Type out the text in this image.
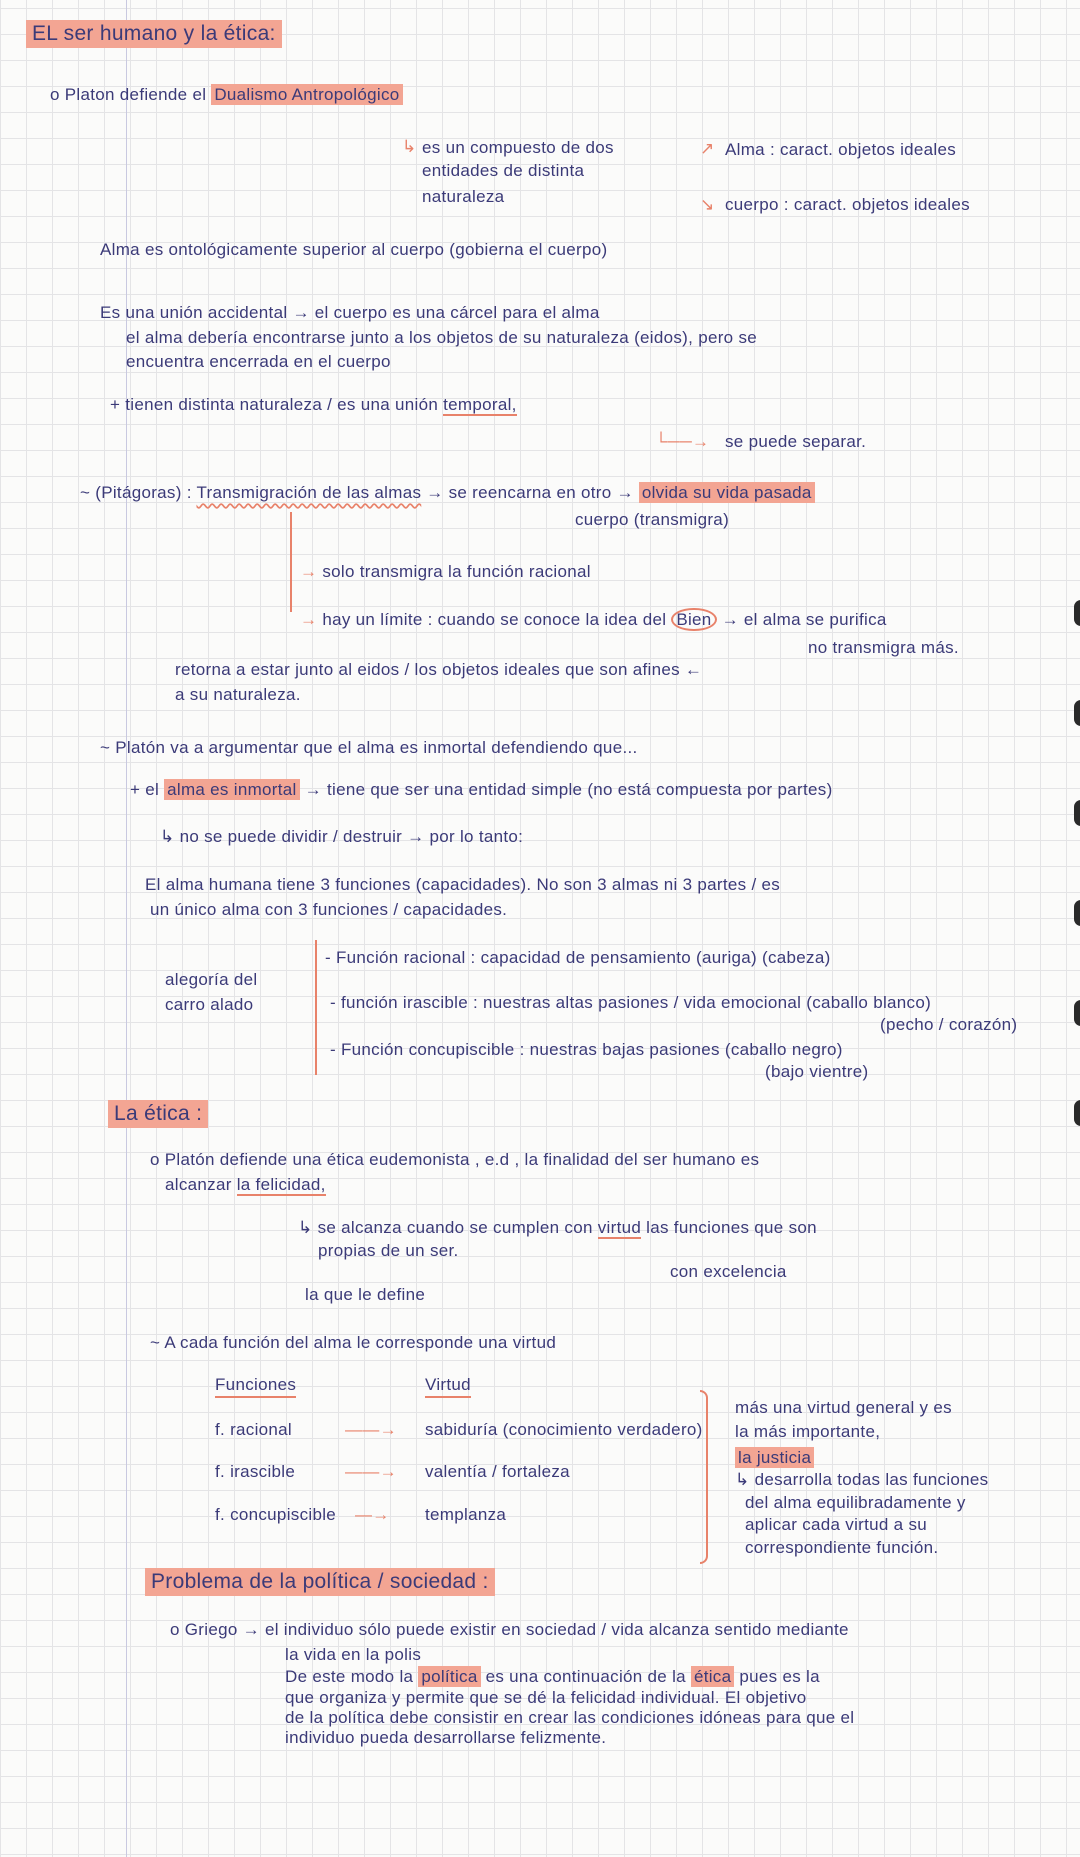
EL ser humano y la ética:
o Platon defiende el Dualismo Antropológico
↳ es un compuesto de dos
entidades de distinta
naturaleza
↗
↘
Alma : caract. objetos ideales
cuerpo : caract. objetos ideales
Alma es ontológicamente superior al cuerpo (gobierna el cuerpo)
Es una unión accidental → el cuerpo es una cárcel para el alma
el alma debería encontrarse junto a los objetos de su naturaleza (eidos), pero se
encuentra encerrada en el cuerpo
+ tienen distinta naturaleza / es una unión temporal,
└──→ se puede separar.
~ (Pitágoras) : Transmigración de las almas → se reencarna en otro → olvida su vida pasada
cuerpo (transmigra)
→ solo transmigra la función racional
→ hay un límite : cuando se conoce la idea del Bien → el alma se purifica
no transmigra más.
retorna a estar junto al eidos / los objetos ideales que son afines ←
a su naturaleza.
~ Platón va a argumentar que el alma es inmortal defendiendo que...
+ el alma es inmortal → tiene que ser una entidad simple (no está compuesta por partes)
↳ no se puede dividir / destruir → por lo tanto:
El alma humana tiene 3 funciones (capacidades). No son 3 almas ni 3 partes / es
un único alma con 3 funciones / capacidades.
alegoría del
carro alado
- Función racional : capacidad de pensamiento (auriga) (cabeza)
- función irascible : nuestras altas pasiones / vida emocional (caballo blanco)
(pecho / corazón)
- Función concupiscible : nuestras bajas pasiones (caballo negro)
(bajo vientre)
La ética :
o Platón defiende una ética eudemonista , e.d , la finalidad del ser humano es
alcanzar la felicidad,
↳ se alcanza cuando se cumplen con virtud las funciones que son
propias de un ser.
con excelencia
la que le define
~ A cada función del alma le corresponde una virtud
Funciones	Virtud
f. racional	——→ sabiduría (conocimiento verdadero)
f. irascible	——→ valentía / fortaleza
f. concupiscible —→ templanza
más una virtud general y es
la más importante,
la justicia
↳ desarrolla todas las funciones
del alma equilibradamente y
aplicar cada virtud a su
correspondiente función.
Problema de la política / sociedad :
o Griego → el individuo sólo puede existir en sociedad / vida alcanza sentido mediante
la vida en la polis
De este modo la política es una continuación de la ética pues es la
que organiza y permite que se dé la felicidad individual. El objetivo
de la política debe consistir en crear las condiciones idóneas para que el
individuo pueda desarrollarse felizmente.
